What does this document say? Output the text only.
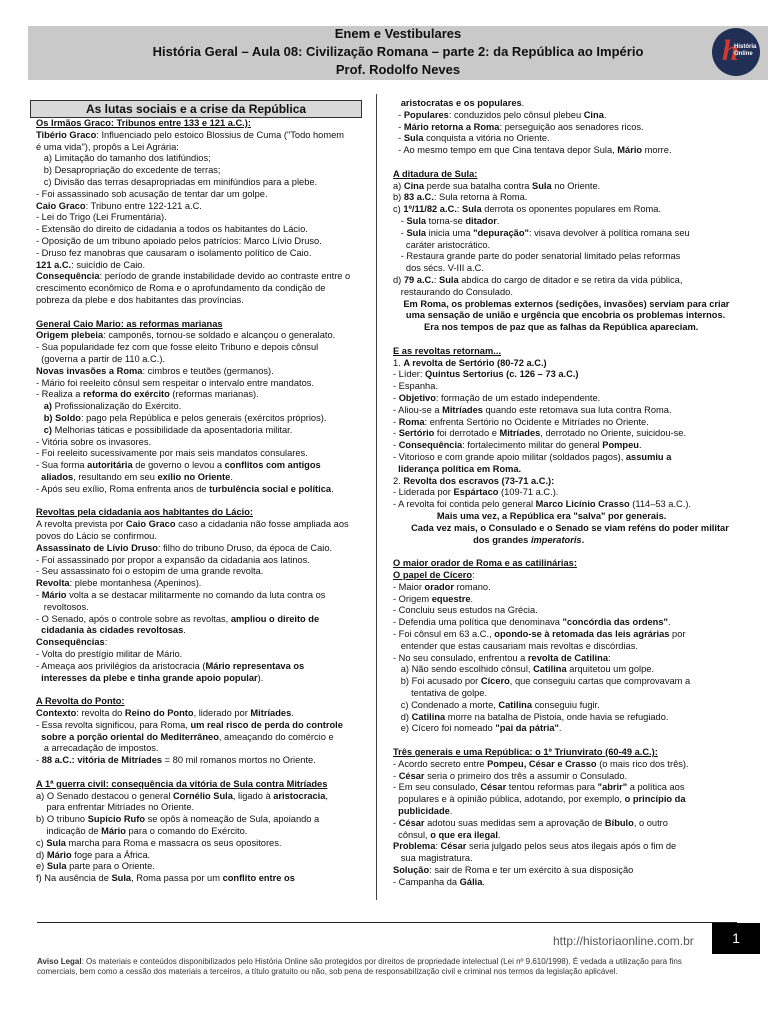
Enem e Vestibulares
História Geral – Aula 08: Civilização Romana – parte 2: da República ao Império
Prof. Rodolfo Neves
h
História Online
As lutas sociais e a crise da República
Os Irmãos Graco: Tribunos entre 133 e 121 a.C.):
Tibério Graco: Influenciado pelo estoico Blossius de Cuma ("Todo homem
é uma vida"), propôs a Lei Agrária:
a) Limitação do tamanho dos latifúndios;
b) Desapropriação do excedente de terras;
c) Divisão das terras desapropriadas em minifúndios para a plebe.
- Foi assassinado sob acusação de tentar dar um golpe.
Caio Graco: Tribuno entre 122-121 a.C.
- Lei do Trigo (Lei Frumentária).
- Extensão do direito de cidadania a todos os habitantes do Lácio.
- Oposição de um tribuno apoiado pelos patrícios: Marco Lívio Druso.
- Druso fez manobras que causaram o isolamento político de Caio.
121 a.C.: suicídio de Caio.
Consequência: período de grande instabilidade devido ao contraste entre o
crescimento econômico de Roma e o aprofundamento da condição de
pobreza da plebe e dos habitantes das províncias.
General Caio Mario: as reformas marianas
Origem plebeia: camponês, tornou-se soldado e alcançou o generalato.
- Sua popularidade fez com que fosse eleito Tribuno e depois cônsul
(governa a partir de 110 a.C.).
Novas invasões a Roma: cimbros e teutões (germanos).
- Mário foi reeleito cônsul sem respeitar o intervalo entre mandatos.
- Realiza a reforma do exército (reformas marianas).
a) Profissionalização do Exército.
b) Soldo: pago pela República e pelos generais (exércitos próprios).
c) Melhorias táticas e possibilidade da aposentadoria militar.
- Vitória sobre os invasores.
- Foi reeleito sucessivamente por mais seis mandatos consulares.
- Sua forma autoritária de governo o levou a conflitos com antigos
aliados, resultando em seu exílio no Oriente.
- Após seu exílio, Roma enfrenta anos de turbulência social e política.
Revoltas pela cidadania aos habitantes do Lácio:
A revolta prevista por Caio Graco caso a cidadania não fosse ampliada aos
povos do Lácio se confirmou.
Assassinato de Lívio Druso: filho do tribuno Druso, da época de Caio.
- Foi assassinado por propor a expansão da cidadania aos latinos.
- Seu assassinato foi o estopim de uma grande revolta.
Revolta: plebe montanhesa (Apeninos).
- Mário volta a se destacar militarmente no comando da luta contra os
revoltosos.
- O Senado, após o controle sobre as revoltas, ampliou o direito de
cidadania às cidades revoltosas.
Consequências:
- Volta do prestígio militar de Mário.
- Ameaça aos privilégios da aristocracia (Mário representava os
interesses da plebe e tinha grande apoio popular).
A Revolta do Ponto:
Contexto: revolta do Reino do Ponto, liderado por Mitríades.
- Essa revolta significou, para Roma, um real risco de perda do controle
sobre a porção oriental do Mediterrâneo, ameaçando do comércio e
a arrecadação de impostos.
- 88 a.C.: vitória de Mitríades = 80 mil romanos mortos no Oriente.
A 1ª guerra civil: consequência da vitória de Sula contra Mitríades
a) O Senado destacou o general Cornélio Sula, ligado à aristocracia,
para enfrentar Mitríades no Oriente.
b) O tribuno Supício Rufo se opôs à nomeação de Sula, apoiando a
indicação de Mário para o comando do Exército.
c) Sula marcha para Roma e massacra os seus opositores.
d) Mário foge para a África.
e) Sula parte para o Oriente.
f) Na ausência de Sula, Roma passa por um conflito entre os
aristocratas e os populares.
- Populares: conduzidos pelo cônsul plebeu Cina.
- Mário retorna a Roma: perseguição aos senadores ricos.
- Sula conquista a vitória no Oriente.
- Ao mesmo tempo em que Cina tentava depor Sula, Mário morre.
A ditadura de Sula:
a) Cina perde sua batalha contra Sula no Oriente.
b) 83 a.C.: Sula retorna à Roma.
c) 1º/11/82 a.C.: Sula derrota os oponentes populares em Roma.
- Sula torna-se ditador.
- Sula inicia uma "depuração": visava devolver à política romana seu
caráter aristocrático.
- Restaura grande parte do poder senatorial limitado pelas reformas
dos sécs. V-III a.C.
d) 79 a.C.: Sula abdica do cargo de ditador e se retira da vida pública,
restaurando do Consulado.
Em Roma, os problemas externos (sedições, invasões) serviam para criar
uma sensação de união e urgência que encobria os problemas internos.
Era nos tempos de paz que as falhas da República apareciam.
E as revoltas retornam...
1. A revolta de Sertório (80-72 a.C.)
- Líder: Quintus Sertorius (c. 126 – 73 a.C.)
- Espanha.
- Objetivo: formação de um estado independente.
- Aliou-se a Mitríades quando este retomava sua luta contra Roma.
- Roma: enfrenta Sertório no Ocidente e Mitríades no Oriente.
- Sertório foi derrotado e Mitríades, derrotado no Oriente, suicidou-se.
- Consequência: fortalecimento militar do general Pompeu.
- Vitorioso e com grande apoio militar (soldados pagos), assumiu a
liderança política em Roma.
2. Revolta dos escravos (73-71 a.C.):
- Liderada por Espártaco (109-71 a.C.).
- A revolta foi contida pelo general Marco Licínio Crasso (114–53 a.C.).
Mais uma vez, a República era "salva" por generais.
Cada vez mais, o Consulado e o Senado se viam reféns do poder militar
dos grandes imperatoris.
O maior orador de Roma e as catilinárias:
O papel de Cícero:
- Maior orador romano.
- Origem equestre.
- Concluiu seus estudos na Grécia.
- Defendia uma política que denominava "concórdia das ordens".
- Foi cônsul em 63 a.C., opondo-se à retomada das leis agrárias por
entender que estas causariam mais revoltas e discórdias.
- No seu consulado, enfrentou a revolta de Catilina:
a) Não sendo escolhido cônsul, Catilina arquitetou um golpe.
b) Foi acusado por Cícero, que conseguiu cartas que comprovavam a
tentativa de golpe.
c) Condenado a morte, Catilina conseguiu fugir.
d) Catilina morre na batalha de Pistoia, onde havia se refugiado.
e) Cícero foi nomeado "pai da pátria".
Três generais e uma República: o 1º Triunvirato (60-49 a.C.):
- Acordo secreto entre Pompeu, César e Crasso (o mais rico dos três).
- César seria o primeiro dos três a assumir o Consulado.
- Em seu consulado, César tentou reformas para "abrir" a política aos
populares e à opinião pública, adotando, por exemplo, o princípio da
publicidade.
- César adotou suas medidas sem a aprovação de Bíbulo, o outro
cônsul, o que era ilegal.
Problema: César seria julgado pelos seus atos ilegais após o fim de
sua magistratura.
Solução: sair de Roma e ter um exército à sua disposição
- Campanha da Gália.
http://historiaonline.com.br	1
Aviso Legal: Os materiais e conteúdos disponibilizados pelo História Online são protegidos por direitos de propriedade intelectual (Lei nº 9.610/1998). É vedada a utilização para fins
comerciais, bem como a cessão dos materiais a terceiros, a título gratuito ou não, sob pena de responsabilização civil e criminal nos termos da legislação aplicável.
